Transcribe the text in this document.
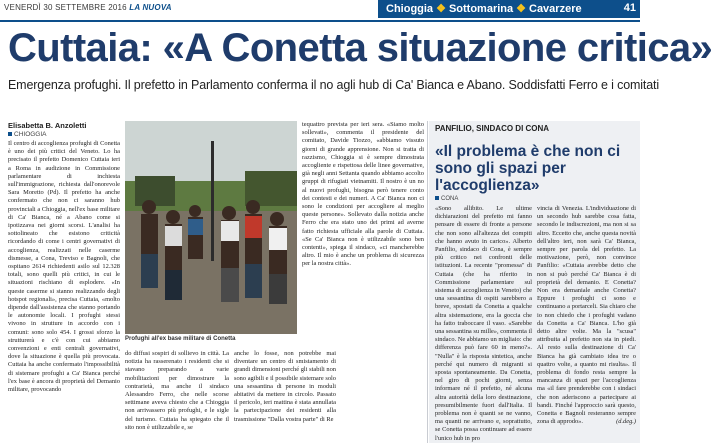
VENERDÌ 30 SETTEMBRE 2016 LA NUOVA	Chioggia ❖ Sottomarina ❖ Cavarzere	41
Cuttaia: «A Conetta situazione critica»
Emergenza profughi. Il prefetto in Parlamento conferma il no agli hub di Ca' Bianca e Abano. Soddisfatti Ferro e i comitati
Elisabetta B. Anzoletti
CHIOGGIA

Il centro di accoglienza profughi di Conetta è uno dei più critici del Veneto. Lo ha precisato il prefetto Domenico Cuttaia ieri a Roma in audizione in Commissione parlamentare di inchiesta sull'immigrazione, richiesta dall'onorevole Sara Moretto (Pd). Il prefetto ha anche confermato che non ci saranno hub provinciali a Chioggia, nell'ex base militare di Ca' Bianca, né a Abano come si ipotizzava nei giorni scorsi. L'analisi ha sottolineato che esistono criticità ricordando di come i centri governativi di accoglienza, realizzati nelle caserme dismesse, a Cona, Treviso e Bagnoli, che ospitano 2614 richiedenti asilo sul 12.328 totali, sono quelli più critici, in cui le situazioni rischiano di esplodere. «In queste caserme si stanno realizzando degli hotspot regionali», precisa Cuttaia, «molto dipende dall'assistenza che stanno portando le autonomie locali. I profughi stessi vivono in strutture in accordo con i comuni: sono solo 454. I grossi sforzo la strutturerà e c'è con cui abbiamo convenzioni e enti centrali governativi, dove la situazione è quella più provocata. Cuttaia ha anche confermato l'impossibilità di sistemare profughi a Ca' Bianca perché l'ex base è ancora di proprietà del Demanio militare, provocando

Profughi all'ex base militare di Conetta

do diffusi sospiri di sollievo in città. La notizia ha rasserenato i residenti che si stavano preparando a varie mobilitazioni per dimostrare la contrarietà, ma anche il sindaco Alessandro Ferro, che nelle scorse settimane aveva chiesto che a Chioggia non arrivassero più profughi, e le sigle del turismo. Cuttaia ha spiegato che il sito non è utilizzabile e, se

anche lo fosse, non potrebbe mai diventare un centro di smistamento di grandi dimensioni perché gli stabili non sono agibili e il possibile sistemare solo una sessantina di persone in moduli abitativi da mettere in circolo. Passato il pericolo, ieri mattina è stata annullata la partecipazione dei residenti alla trasmissione "Dalla vostra parte" di Re

tequattro prevista per ieri sera. «Siamo molto sollevati», commenta il presidente del comitato, Davide Tiozzo, «abbiamo vissuto giorni di grande apprensione. Non si tratta di razzismo, Chioggia si è sempre dimostrata accogliente e rispettosa delle linee governative, già negli anni Settanta quando abbiamo accolto gruppi di rifugiati vietnamiti. Il nostro è un no al nuovi profughi, bisogna però tenere conto dei contesti e dei numeri. A Ca' Bianca non ci sono le condizioni per accogliere al meglio queste persone». Sollevato dalla notizia anche Ferro che era stato uno dei primi ad averne fatto richiesta ufficiale alla parole di Cuttaia. «Se Ca' Bianca non è utilizzabile sono ben contenti», spiega il sindaco, «ci mancherebbe altro. Il mio è anche un problema di sicurezza per la nostra città».

PANFILIO, SINDACO DI CONA
« Il problema è che non ci sono gli spazi per l'accoglienza »
CONA

«Sono allibito. Le ultime dichiarazioni del prefetto mi fanno pensare di essere di fronte a persone che non sono all'altezza dei compiti che hanno avuto in carico». Alberto Panfilio, sindaco di Cona, è sempre più critico nei confronti delle istituzioni. La recente "promessa" di Cuttaia (che ha riferito in Commissione parlamentare sul sistema di accoglienza in Veneto) che una sessantina di ospiti sarebbero a breve, spostati da Conetta a qualche altra sistemazione, era la goccia che ha fatto traboccare il vaso. «Sarebbe una sessantina su mille», commenta il sindaco. Ne abbiamo un migliaio: che differenza può fare 60 in meno?». "Nulla" è la risposta sintetica, anche perché qui numero di migranti si sposta spontaneamente. Da Conetta, nel giro di pochi giorni, senza informare né il prefetto, né alcuna altra autorità della loro destinazione, presumibilmente fuori dall'Italia. Il problema non è quanti se ne vanno, ma quanti ne arrivano e, soprattutto, se Conetta possa continuare ad essere l'unico hub in pro

vincia di Venezia. L'individuazione di un secondo hub sarebbe cosa fatta, secondo le indiscrezioni, ma non si sa altro. Eccetto che, anche questa novità dell'altro ieri, non sarà Ca' Bianca, sempre per parola del prefetto. La motivazione, però, non convince Panfilio: «Cuttaia avrebbe detto che non si può perché Ca' Bianca è di proprietà del demanio. E Conetta? Non era demaniale anche Conetta? Eppure i profughi ci sono e continuano a portarceli. Sia chiaro che io non chiedo che i profughi vadano da Conetta a Ca' Bianca. L'ho già detto altre volte. Ma la "scusa" attribuita al prefetto non sta in piedi. Al resto sulla destinazione di Ca' Bianca ha già cambiato idea tre o quattro volte, a quanto mi risulta». Il problema di fondo resta sempre la mancanza di spazi per l'accoglienza ma «il fare prenderebbe con i sindaci che non aderiscono a partecipare ai bandi. Finché l'approccio sarà questo, Conetta e Bagnoli resteranno sempre zona di approdo».	(d.deg.)
